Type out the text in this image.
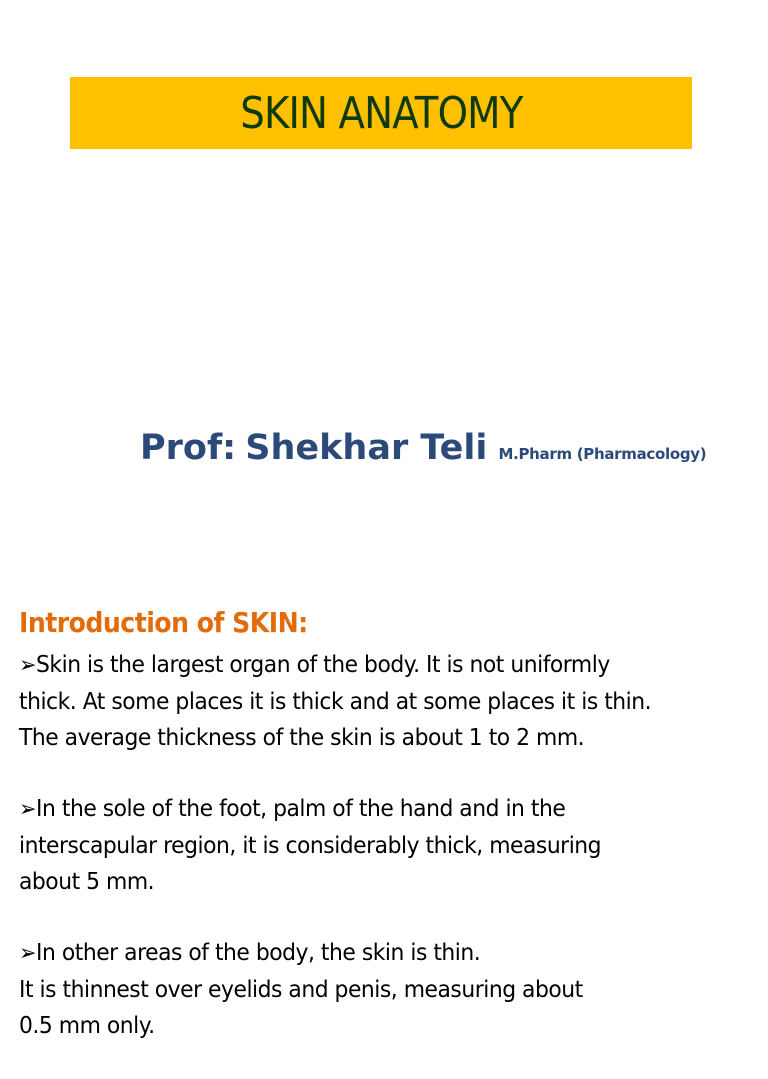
SKIN ANATOMY
Prof: Shekhar Teli M.Pharm (Pharmacology)
Introduction of SKIN:
➢Skin is the largest organ of the body. It is not uniformly
thick. At some places it is thick and at some places it is thin.
The average thickness of the skin is about 1 to 2 mm.
➢In the sole of the foot, palm of the hand and in the
interscapular region, it is considerably thick, measuring
about 5 mm.
➢In other areas of the body, the skin is thin.
It is thinnest over eyelids and penis, measuring about
0.5 mm only.
